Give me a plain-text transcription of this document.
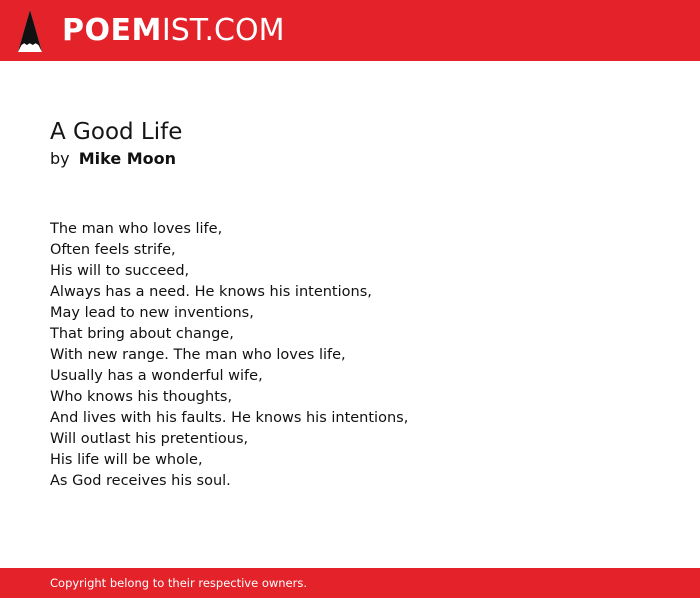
POEMIST.COM
A Good Life

by Mike Moon

The man who loves life,
Often feels strife,
His will to succeed,
Always has a need. He knows his intentions,
May lead to new inventions,
That bring about change,
With new range. The man who loves life,
Usually has a wonderful wife,
Who knows his thoughts,
And lives with his faults. He knows his intentions,
Will outlast his pretentious,
His life will be whole,
As God receives his soul.

Copyright belong to their respective owners.
